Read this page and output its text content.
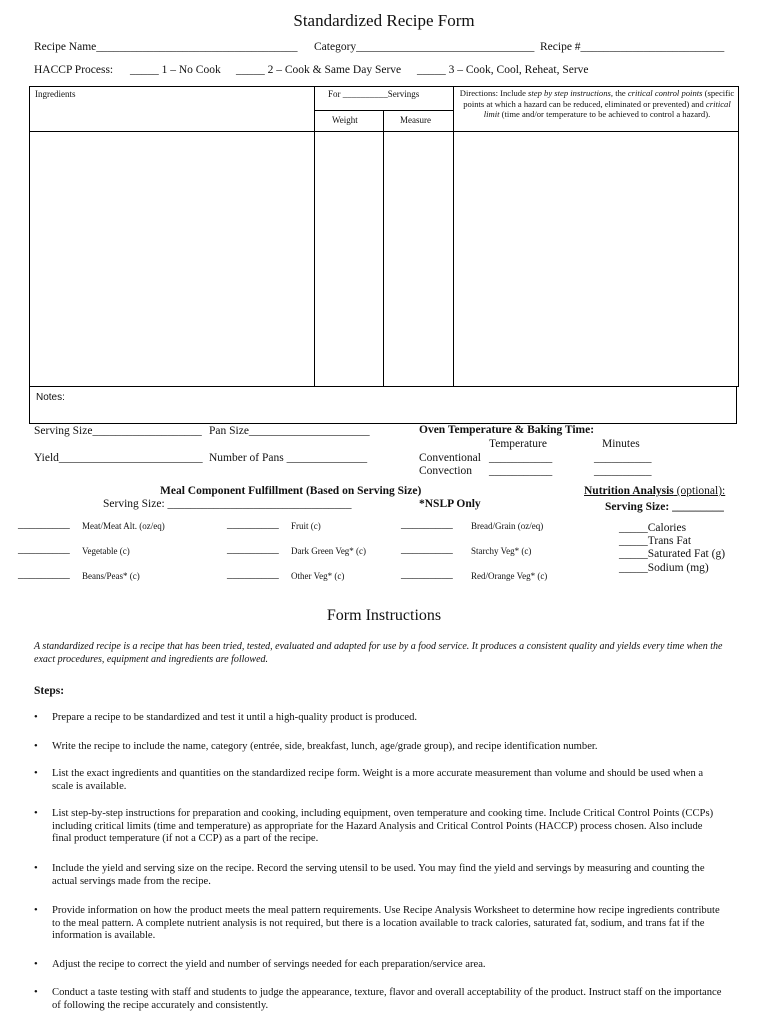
Standardized Recipe Form
Recipe Name___________________________________ Category_______________________________ Recipe #_________________________
HACCP Process: _____ 1 – No Cook _____ 2 – Cook & Same Day Serve _____ 3 – Cook, Cool, Reheat, Serve
Ingredients	For __________Servings
Weight	Measure
Directions: Include step by step instructions, the critical control points (specific points at which a hazard can be reduced, eliminated or prevented) and critical limit (time and/or temperature to be achieved to control a hazard).
Notes:
Serving Size___________________ Pan Size_____________________
Yield_________________________ Number of Pans ______________
Oven Temperature & Baking Time:
Temperature	Minutes
Conventional ___________	__________
Convection ___________	__________
Meal Component Fulfillment (Based on Serving Size)
Serving Size: ________________________________	*NSLP Only
_________ Meat/Meat Alt. (oz/eq)	_________ Fruit (c)	_________ Bread/Grain (oz/eq)
_________ Vegetable (c)	_________ Dark Green Veg* (c)	_________ Starchy Veg* (c)
_________ Beans/Peas* (c)	_________ Other Veg* (c)	_________ Red/Orange Veg* (c)
Nutrition Analysis (optional):
Serving Size: _________
_____Calories
_____Trans Fat
_____Saturated Fat (g)
_____Sodium (mg)
Form Instructions
A standardized recipe is a recipe that has been tried, tested, evaluated and adapted for use by a food service. It produces a consistent quality and yields every time when the exact procedures, equipment and ingredients are followed.
Steps:
• Prepare a recipe to be standardized and test it until a high-quality product is produced.
• Write the recipe to include the name, category (entrée, side, breakfast, lunch, age/grade group), and recipe identification number.
• List the exact ingredients and quantities on the standardized recipe form. Weight is a more accurate measurement than volume and should be used when a scale is available.
• List step-by-step instructions for preparation and cooking, including equipment, oven temperature and cooking time. Include Critical Control Points (CCPs) including critical limits (time and temperature) as appropriate for the Hazard Analysis and Critical Control Points (HACCP) process chosen. Also include final product temperature (if not a CCP) as a part of the recipe.
• Include the yield and serving size on the recipe. Record the serving utensil to be used. You may find the yield and servings by measuring and counting the actual servings made from the recipe.
• Provide information on how the product meets the meal pattern requirements. Use Recipe Analysis Worksheet to determine how recipe ingredients contribute to the meal pattern. A complete nutrient analysis is not required, but there is a location available to track calories, saturated fat, sodium, and trans fat if the information is available.
• Adjust the recipe to correct the yield and number of servings needed for each preparation/service area.
• Conduct a taste testing with staff and students to judge the appearance, texture, flavor and overall acceptability of the product. Instruct staff on the importance of following the recipe accurately and consistently.
